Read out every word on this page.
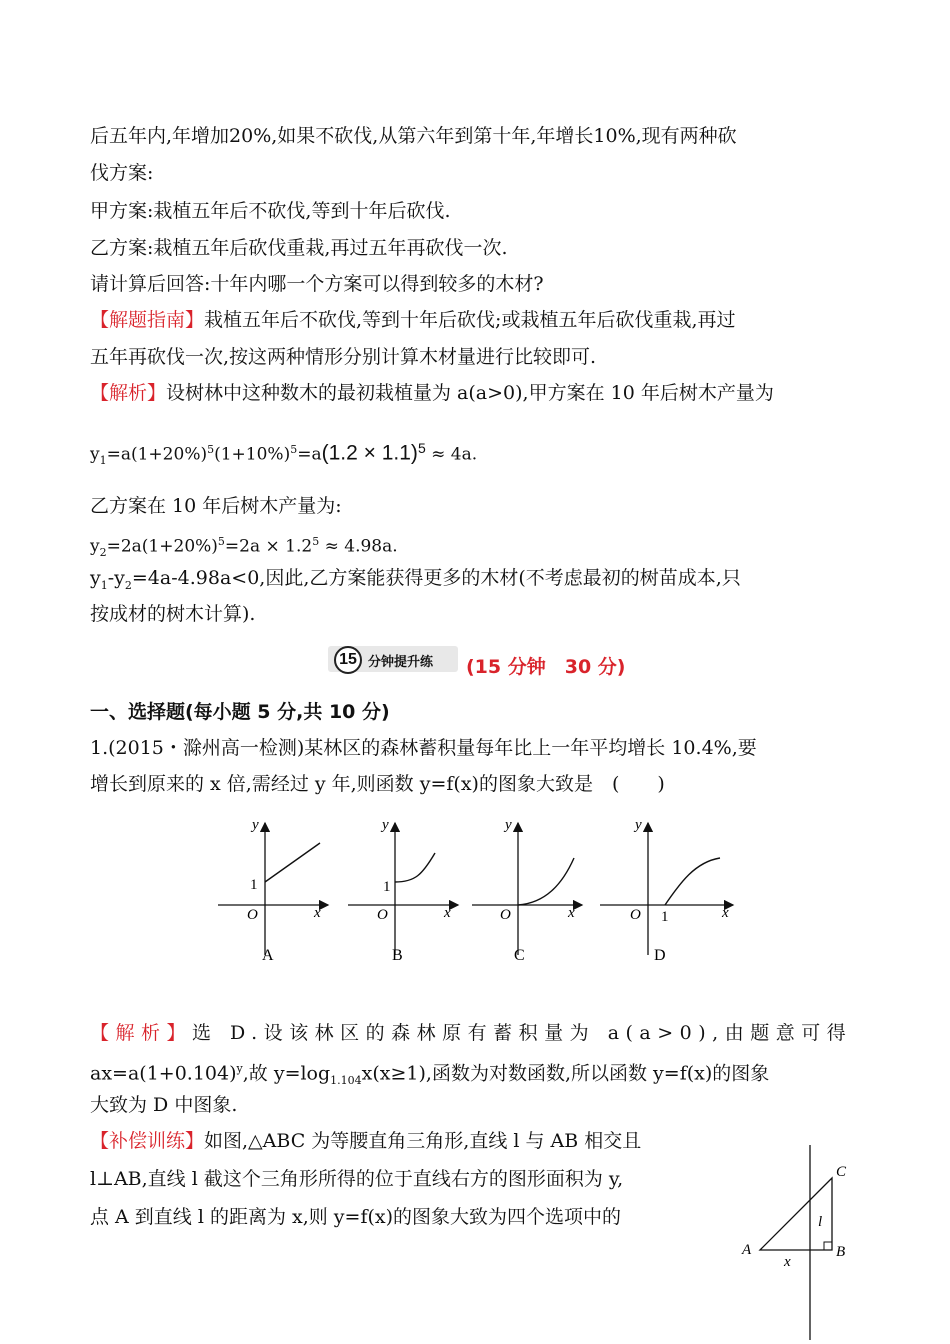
后五年内,年增加20%,如果不砍伐,从第六年到第十年,年增长10%,现有两种砍
伐方案:
甲方案:栽植五年后不砍伐,等到十年后砍伐.
乙方案:栽植五年后砍伐重栽,再过五年再砍伐一次.
请计算后回答:十年内哪一个方案可以得到较多的木材?
【解题指南】栽植五年后不砍伐,等到十年后砍伐;或栽植五年后砍伐重栽,再过
五年再砍伐一次,按这两种情形分别计算木材量进行比较即可.
【解析】设树林中这种数木的最初栽植量为 a(a>0),甲方案在 10 年后树木产量为
$y_1=a(1+20\%)^5(1+10\%)^5=a(1.2 \times 1.1)^5 \approx 4a$.
乙方案在 10 年后树木产量为:
$y_2=2a(1+20\%)^5=2a \times 1.2^5 \approx 4.98a$.
$y_1-y_2=4a-4.98a<0$,因此,乙方案能获得更多的木材(不考虑最初的树苗成本,只
按成材的树木计算).
15 分钟提升练 (15 分钟　30 分)
一、选择题(每小题 5 分,共 10 分)
1.(2015・滁州高一检测)某林区的森林蓄积量每年比上一年平均增长 10.4%,要
增长到原来的 x 倍,需经过 y 年,则函数 y=f(x)的图象大致是　(　　)
y
x
O
1
A
y
x
O
1
B
y
x
O
C
y
x
O 1
D
【解析】选 D.设该林区的森林原有蓄积量为 a(a>0),由题意可得
$ax=a(1+0.104)^y$,故 $y=\log_{1.104}x(x\ge 1)$,函数为对数函数,所以函数 y=f(x)的图象
大致为 D 中图象.
【补偿训练】如图,△ABC 为等腰直角三角形,直线 l 与 AB 相交且
l⊥AB,直线 l 截这个三角形所得的位于直线右方的图形面积为 y,
点 A 到直线 l 的距离为 x,则 y=f(x)的图象大致为四个选项中的
A	B
C
l
x
